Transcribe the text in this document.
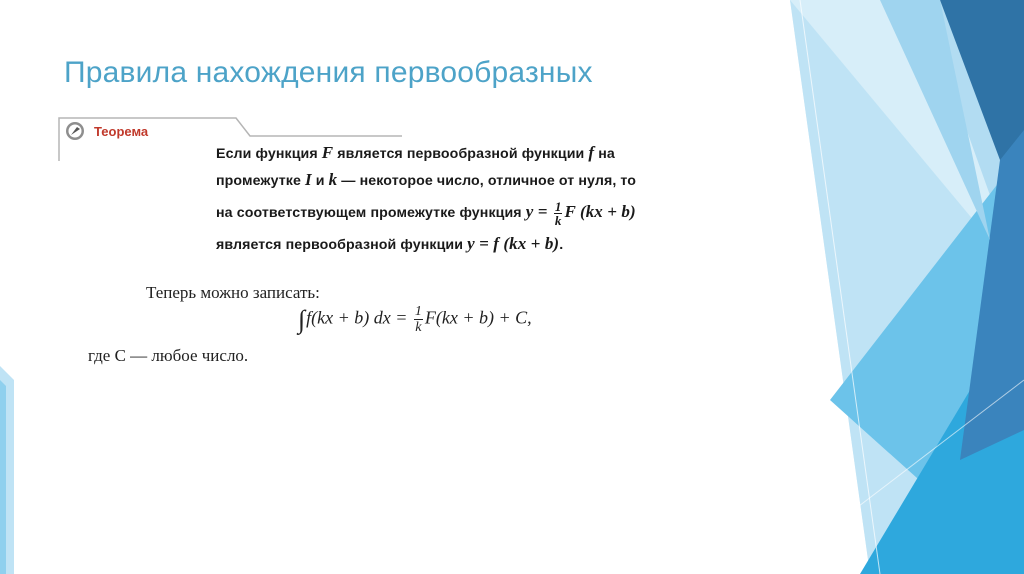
Правила нахождения первообразных
Теорема
Если функция F является первообразной функции f на
промежутке I и k — некоторое число, отличное от нуля, то
на соответствующем промежутке функция $y = \frac{1}{k}$ F (kx + b)
является первообразной функции y = f (kx + b).
Теперь можно записать:
∫f(kx + b) dx = $\frac{1}{k} F(kx + b) + C$,
где C — любое число.
